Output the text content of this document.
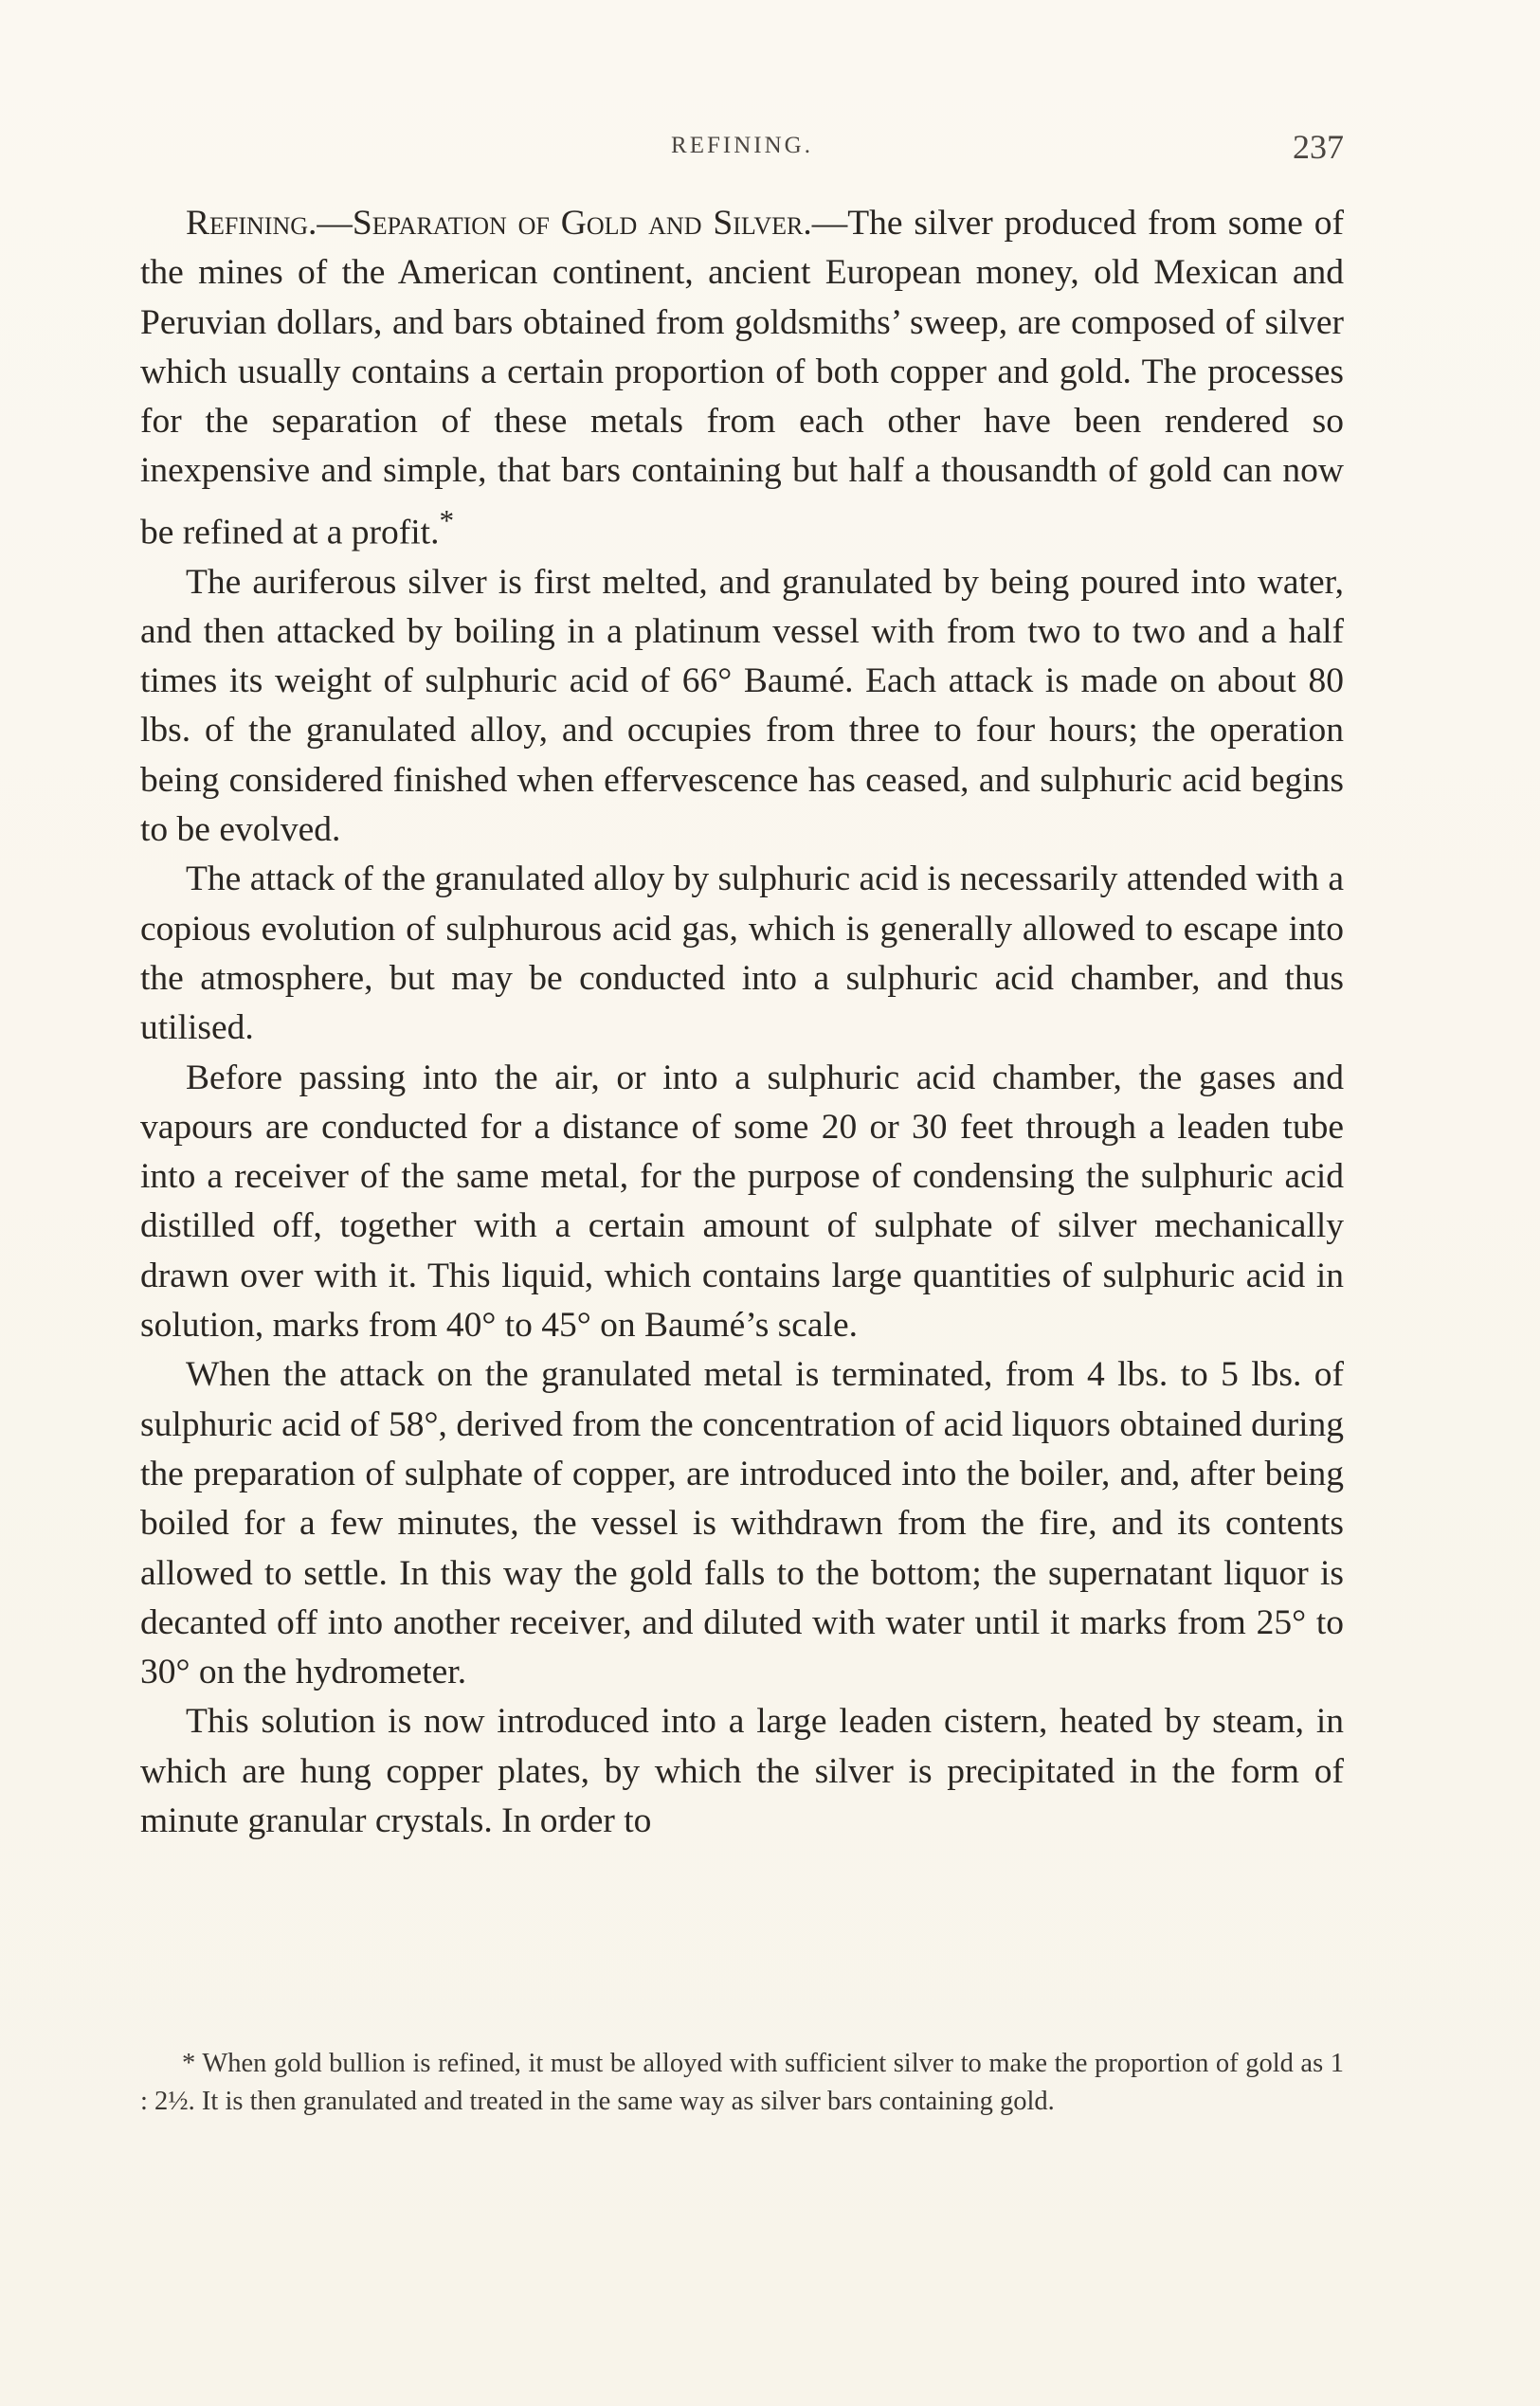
REFINING.	237

Refining.—Separation of Gold and Silver.—The silver produced from some of the mines of the American continent, ancient European money, old Mexican and Peruvian dollars, and bars obtained from goldsmiths’ sweep, are composed of silver which usually contains a certain proportion of both copper and gold. The processes for the separation of these metals from each other have been rendered so inexpensive and simple, that bars containing but half a thousandth of gold can now be refined at a profit.*

The auriferous silver is first melted, and granulated by being poured into water, and then attacked by boiling in a platinum vessel with from two to two and a half times its weight of sulphuric acid of 66° Baumé. Each attack is made on about 80 lbs. of the granulated alloy, and occupies from three to four hours; the operation being considered finished when effervescence has ceased, and sulphuric acid begins to be evolved.

The attack of the granulated alloy by sulphuric acid is necessarily attended with a copious evolution of sulphurous acid gas, which is generally allowed to escape into the atmosphere, but may be conducted into a sulphuric acid chamber, and thus utilised.

Before passing into the air, or into a sulphuric acid chamber, the gases and vapours are conducted for a distance of some 20 or 30 feet through a leaden tube into a receiver of the same metal, for the purpose of condensing the sulphuric acid distilled off, together with a certain amount of sulphate of silver mechanically drawn over with it. This liquid, which contains large quantities of sulphuric acid in solution, marks from 40° to 45° on Baumé’s scale.

When the attack on the granulated metal is terminated, from 4 lbs. to 5 lbs. of sulphuric acid of 58°, derived from the concentration of acid liquors obtained during the preparation of sulphate of copper, are introduced into the boiler, and, after being boiled for a few minutes, the vessel is withdrawn from the fire, and its contents allowed to settle. In this way the gold falls to the bottom; the supernatant liquor is decanted off into another receiver, and diluted with water until it marks from 25° to 30° on the hydrometer.

This solution is now introduced into a large leaden cistern, heated by steam, in which are hung copper plates, by which the silver is precipitated in the form of minute granular crystals. In order to

* When gold bullion is refined, it must be alloyed with sufficient silver to make the proportion of gold as 1 : 2½. It is then granulated and treated in the same way as silver bars containing gold.
